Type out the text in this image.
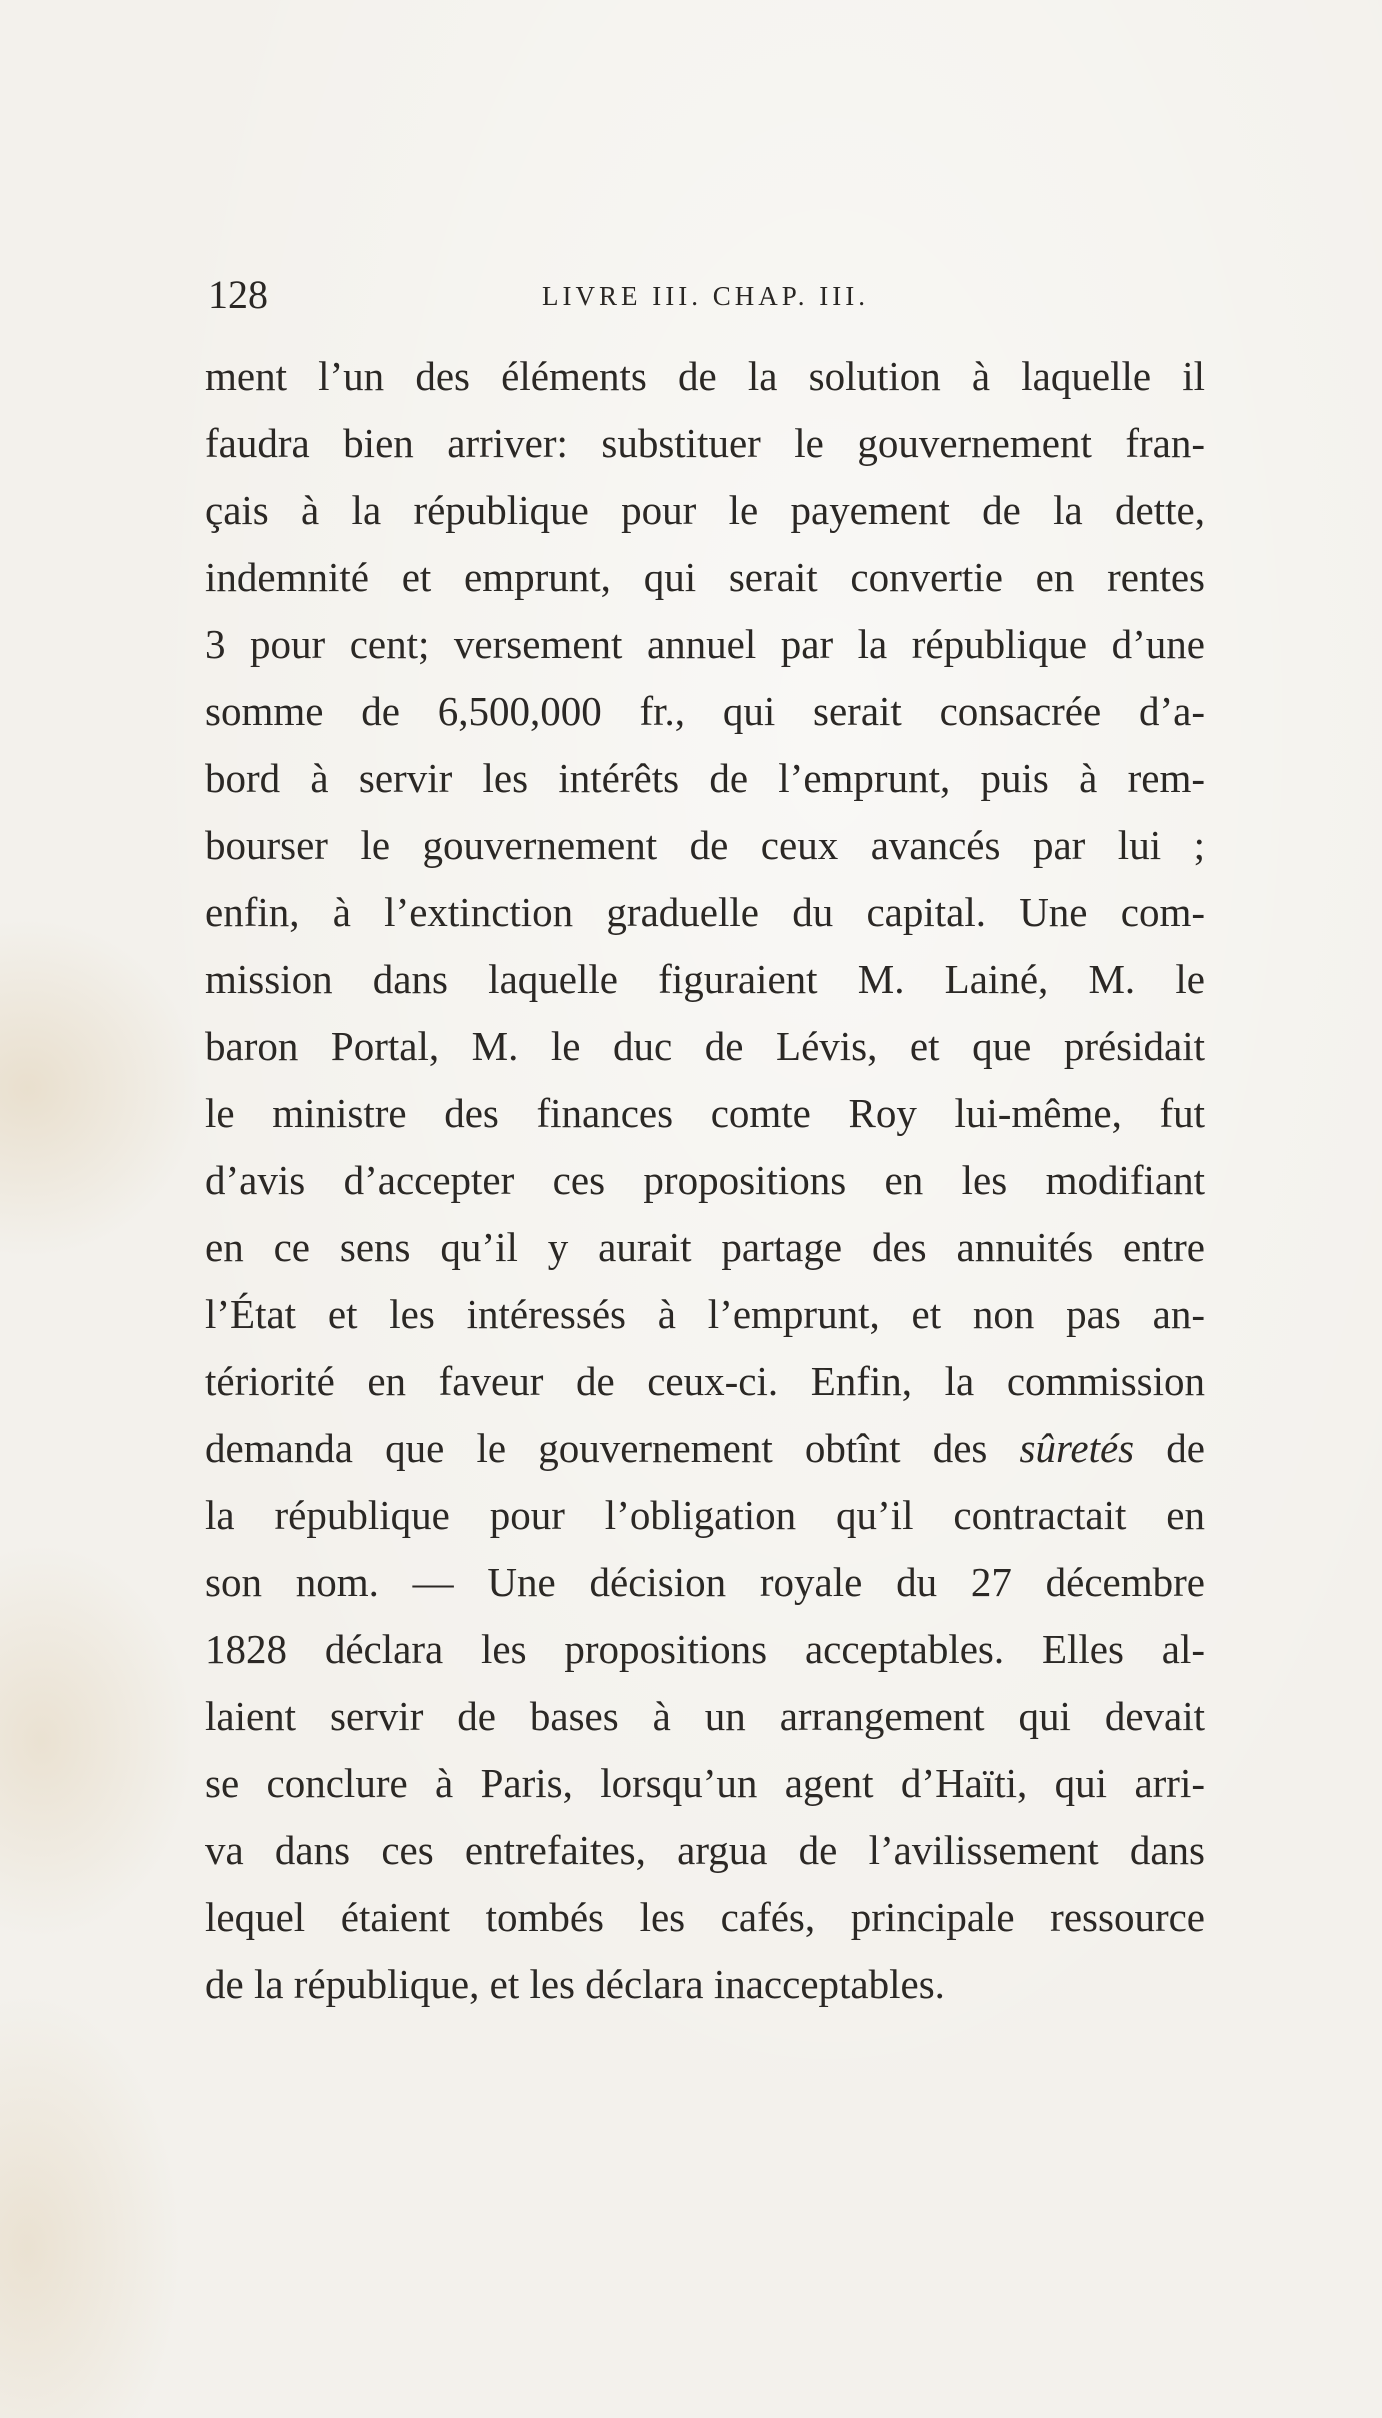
128	LIVRE III. CHAP. III.
ment l’un des éléments de la solution à laquelle il
faudra bien arriver: substituer le gouvernement fran-
çais à la république pour le payement de la dette,
indemnité et emprunt, qui serait convertie en rentes
3 pour cent; versement annuel par la république d’une
somme de 6,500,000 fr., qui serait consacrée d’a-
bord à servir les intérêts de l’emprunt, puis à rem-
bourser le gouvernement de ceux avancés par lui ;
enfin, à l’extinction graduelle du capital. Une com-
mission dans laquelle figuraient M. Lainé, M. le
baron Portal, M. le duc de Lévis, et que présidait
le ministre des finances comte Roy lui-même, fut
d’avis d’accepter ces propositions en les modifiant
en ce sens qu’il y aurait partage des annuités entre
l’État et les intéressés à l’emprunt, et non pas an-
tériorité en faveur de ceux-ci. Enfin, la commission
demanda que le gouvernement obtînt des sûretés de
la république pour l’obligation qu’il contractait en
son nom. — Une décision royale du 27 décembre
1828 déclara les propositions acceptables. Elles al-
laient servir de bases à un arrangement qui devait
se conclure à Paris, lorsqu’un agent d’Haïti, qui arri-
va dans ces entrefaites, argua de l’avilissement dans
lequel étaient tombés les cafés, principale ressource
de la république, et les déclara inacceptables.
